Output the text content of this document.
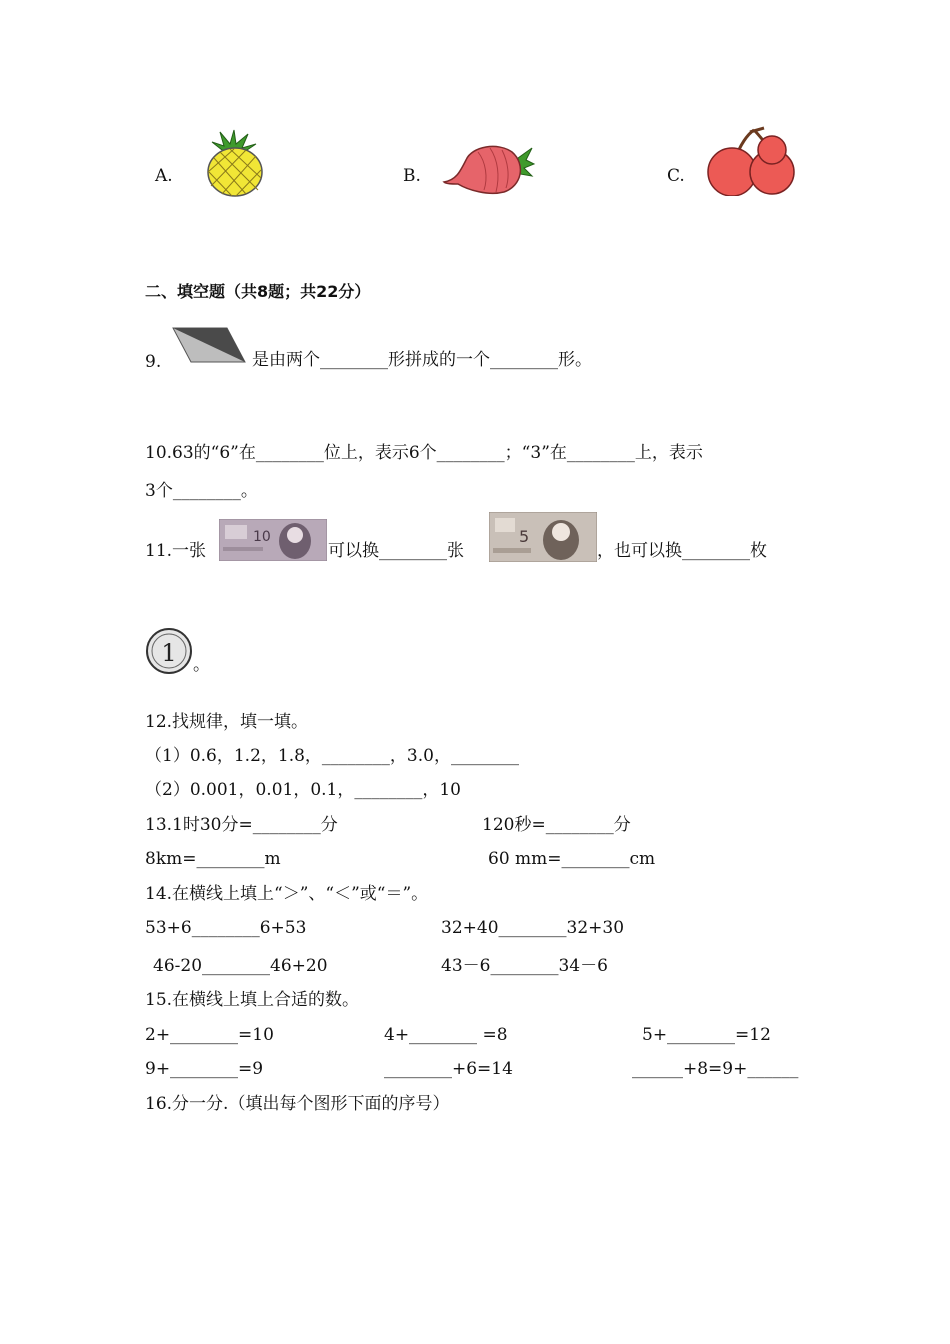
A.	B.	C.
二、填空题（共8题；共22分）
9.	是由两个________形拼成的一个________形。
10.63的“6”在________位上，表示6个________；“3”在________上，表示
3个________。
11.一张
10
可以换________张
5
，也可以换________枚
1 。
12.找规律，填一填。
（1）0.6，1.2，1.8，________，3.0，________
（2）0.001，0.01，0.1，________，10
13.1时30分=________分	120秒=________分
8km=________m	60 mm=________cm
14.在横线上填上“＞”、“＜”或“＝”。
53+6________6+53	32+40________32+30
46-20________46+20	43－6________34－6
15.在横线上填上合适的数。
2+________=10	4+________ =8	5+________=12
9+________=9	________+6=14	______+8=9+______
16.分一分.（填出每个图形下面的序号）
